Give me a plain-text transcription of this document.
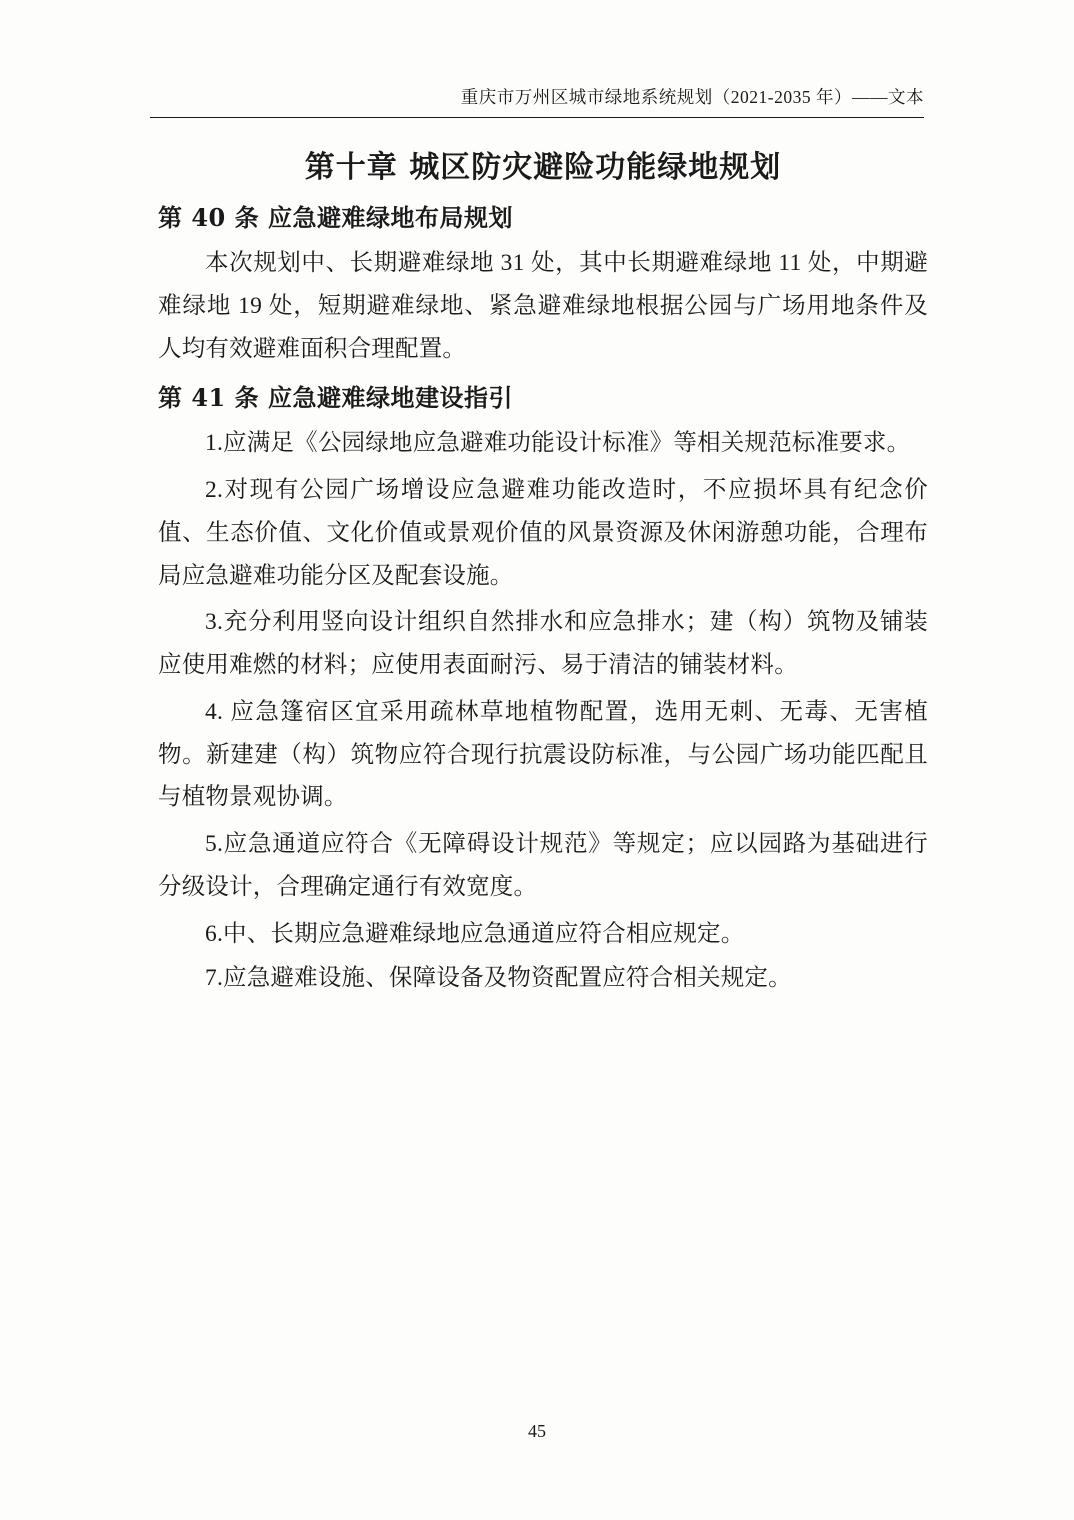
重庆市万州区城市绿地系统规划（2021-2035 年）——文本
第十章 城区防灾避险功能绿地规划
第 40 条 应急避难绿地布局规划

本次规划中、长期避难绿地 31 处，其中长期避难绿地 11 处，中期避难绿地 19 处，短期避难绿地、紧急避难绿地根据公园与广场用地条件及人均有效避难面积合理配置。

第 41 条 应急避难绿地建设指引

1.应满足《公园绿地应急避难功能设计标准》等相关规范标准要求。

2.对现有公园广场增设应急避难功能改造时，不应损坏具有纪念价值、生态价值、文化价值或景观价值的风景资源及休闲游憩功能，合理布局应急避难功能分区及配套设施。

3.充分利用竖向设计组织自然排水和应急排水；建（构）筑物及铺装应使用难燃的材料；应使用表面耐污、易于清洁的铺装材料。

4. 应急篷宿区宜采用疏林草地植物配置，选用无刺、无毒、无害植物。新建建（构）筑物应符合现行抗震设防标准，与公园广场功能匹配且与植物景观协调。

5.应急通道应符合《无障碍设计规范》等规定；应以园路为基础进行分级设计，合理确定通行有效宽度。

6.中、长期应急避难绿地应急通道应符合相应规定。

7.应急避难设施、保障设备及物资配置应符合相关规定。

45
